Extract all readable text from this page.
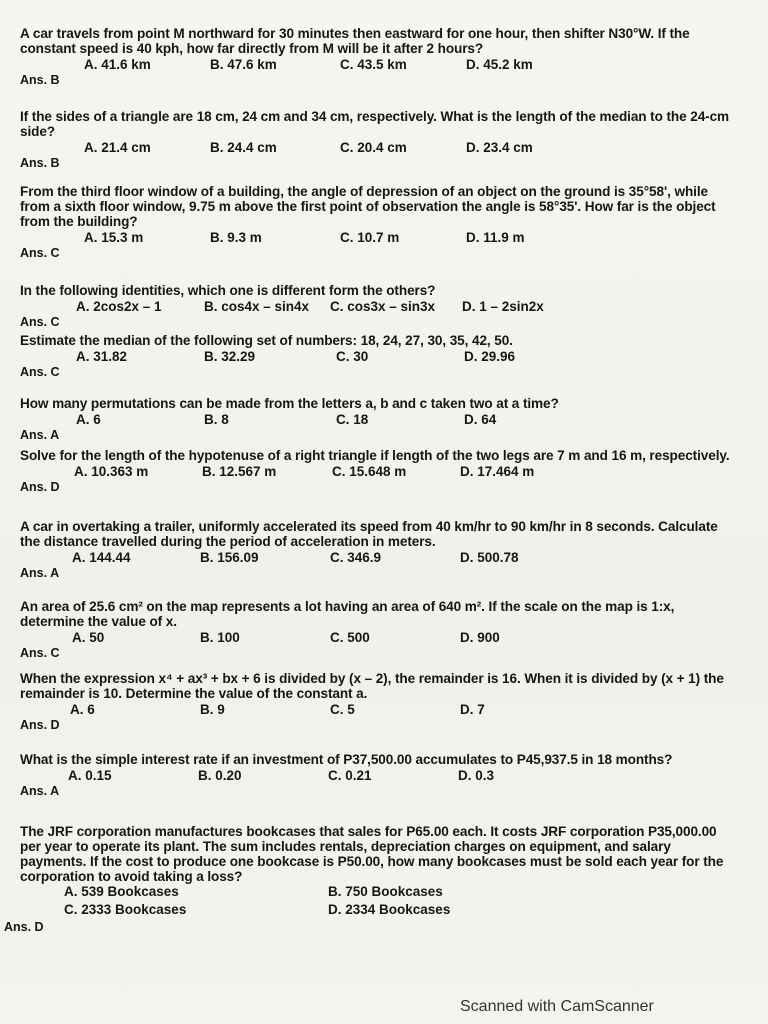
A car travels from point M northward for 30 minutes then eastward for one hour, then shifter N30°W. If the constant speed is 40 kph, how far directly from M will be it after 2 hours?

A. 41.6 km	B. 47.6 km	C. 43.5 km	D. 45.2 km
Ans. B

If the sides of a triangle are 18 cm, 24 cm and 34 cm, respectively. What is the length of the median to the 24-cm side?

A. 21.4 cm	B. 24.4 cm	C. 20.4 cm	D. 23.4 cm
Ans. B

From the third floor window of a building, the angle of depression of an object on the ground is 35°58', while from a sixth floor window, 9.75 m above the first point of observation the angle is 58°35'. How far is the object from the building?

A. 15.3 m	B. 9.3 m	C. 10.7 m	D. 11.9 m
Ans. C

In the following identities, which one is different form the others?

A. 2cos2x – 1	B. cos4x – sin4x C. cos3x – sin3x D. 1 – 2sin2x
Ans. C

Estimate the median of the following set of numbers: 18, 24, 27, 30, 35, 42, 50.

A. 31.82	B. 32.29	C. 30	D. 29.96
Ans. C

How many permutations can be made from the letters a, b and c taken two at a time?

A. 6	B. 8	C. 18	D. 64
Ans. A

Solve for the length of the hypotenuse of a right triangle if length of the two legs are 7 m and 16 m, respectively.

A. 10.363 m	B. 12.567 m	C. 15.648 m	D. 17.464 m
Ans. D

A car in overtaking a trailer, uniformly accelerated its speed from 40 km/hr to 90 km/hr in 8 seconds. Calculate the distance travelled during the period of acceleration in meters.

A. 144.44	B. 156.09	C. 346.9	D. 500.78
Ans. A

An area of 25.6 cm² on the map represents a lot having an area of 640 m². If the scale on the map is 1:x, determine the value of x.

A. 50	B. 100	C. 500	D. 900
Ans. C

When the expression x⁴ + ax³ + bx + 6 is divided by (x – 2), the remainder is 16. When it is divided by (x + 1) the remainder is 10. Determine the value of the constant a.

A. 6	B. 9	C. 5	D. 7
Ans. D

What is the simple interest rate if an investment of P37,500.00 accumulates to P45,937.5 in 18 months?

A. 0.15	B. 0.20	C. 0.21	D. 0.3
Ans. A

The JRF corporation manufactures bookcases that sales for P65.00 each. It costs JRF corporation P35,000.00 per year to operate its plant. The sum includes rentals, depreciation charges on equipment, and salary payments. If the cost to produce one bookcase is P50.00, how many bookcases must be sold each year for the corporation to avoid taking a loss?

A. 539 Bookcases	B. 750 Bookcases
C. 2333 Bookcases	D. 2334 Bookcases
Ans. D
Scanned with CamScanner
